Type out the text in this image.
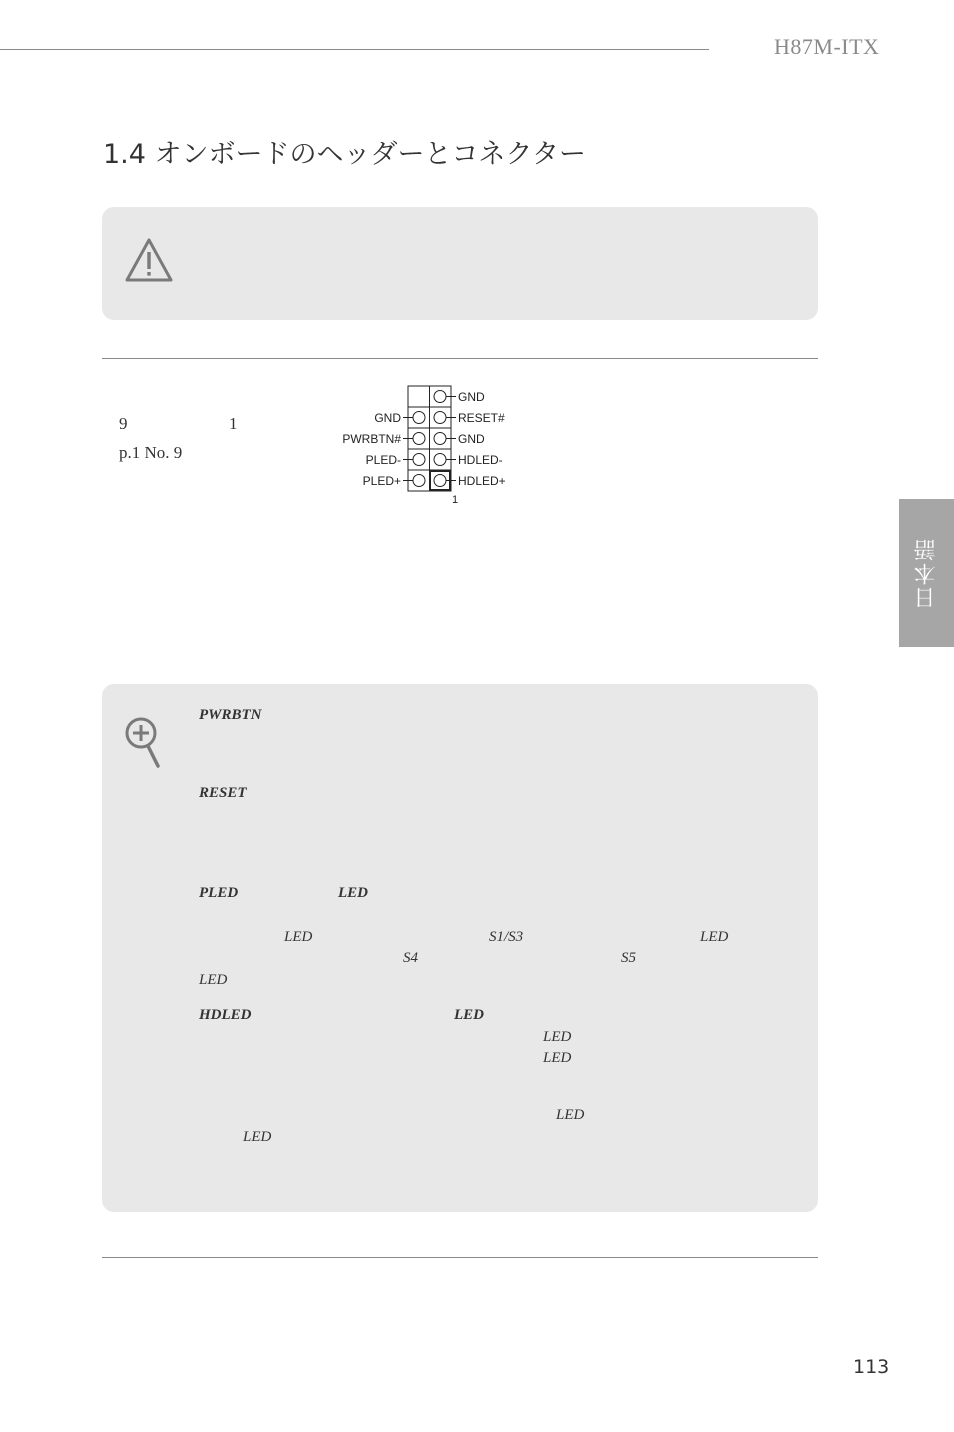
H87M-ITX
1.4 オンボードのヘッダーとコネクター
9	1
p.1 No. 9
GND
RESET#
GND
HDLED-
HDLED+
GND
PWRBTN#
PLED-
PLED+
1
日本語
PWRBTN
RESET
PLED	LED
LED	S1/S3	LED
S4	S5
LED
HDLED	LED
LED
LED
LED
LED
113
